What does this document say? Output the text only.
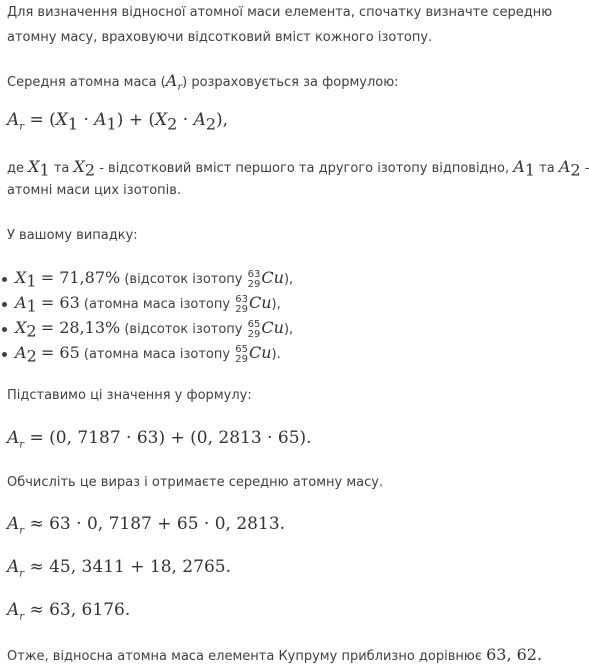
Для визначення відносної атомної маси елемента, спочатку визначте середню
атомну масу, враховуючи відсотковий вміст кожного ізотопу.
Середня атомна маса $(A_r)$ розраховується за формулою:
$A_r = (X_1 \cdot A_1) + (X_2 \cdot A_2)$,
де $X_1$ та $X_2$ - відсотковий вміст першого та другого ізотопу відповідно, $A_1$ та $A_2$ -
атомні маси цих ізотопів.
У вашому випадку:
$X_1 = 71,87\%$ (відсоток ізотопу 63
29Cu),
$A_1 = 63$ (атомна маса ізотопу 63
29Cu),
$X_2 = 28,13\%$ (відсоток ізотопу 65
29Cu),
$A_2 = 65$ (атомна маса ізотопу 65
29Cu).
Підставимо ці значення у формулу:
$A_r = (0$, 7187 · 63) + (0, 2813 · 65).
Обчисліть це вираз і отримаєте середню атомну масу.
$A_r \approx 63 \cdot 0$, 7187 + 65 · 0, 2813.
$A_r \approx 45$, 3411 + 18, 2765.
$A_r \approx 63$, 6176.
Отже, відносна атомна маса елемента Купруму приблизно дорівнює 63, 62.
